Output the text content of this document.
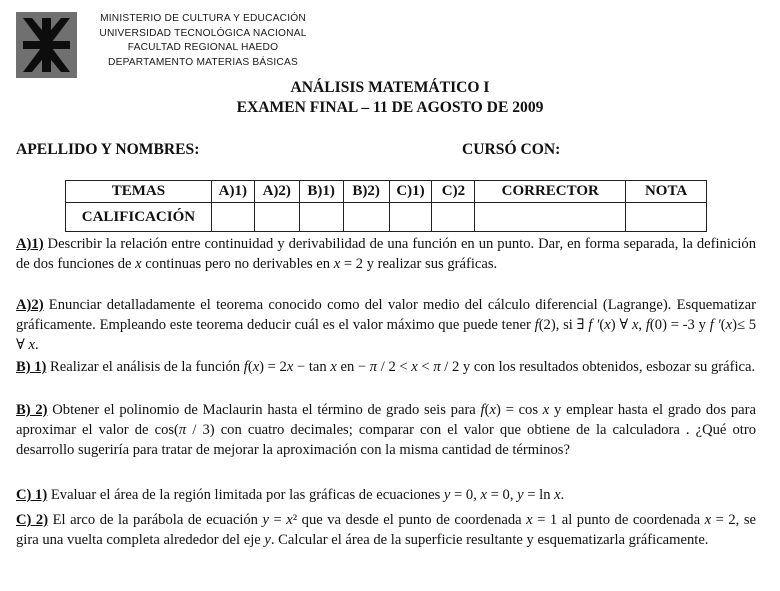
MINISTERIO DE CULTURA Y EDUCACIÓN
UNIVERSIDAD TECNOLÓGICA NACIONAL
FACULTAD REGIONAL HAEDO
DEPARTAMENTO MATERIAS BÁSICAS
ANÁLISIS MATEMÁTICO I
EXAMEN FINAL – 11 DE AGOSTO DE 2009
APELLIDO Y NOMBRES:	CURSÓ CON:
TEMAS	A)1)	A)2)	B)1)	B)2)	C)1)	C)2	CORRECTOR	NOTA
CALIFICACIÓN								
A)1) Describir la relación entre continuidad y derivabilidad de una función en un punto. Dar, en forma separada, la definición de dos funciones de x continuas pero no derivables en x = 2 y realizar sus gráficas.
A)2) Enunciar detalladamente el teorema conocido como del valor medio del cálculo diferencial (Lagrange). Esquematizar gráficamente. Empleando este teorema deducir cuál es el valor máximo que puede tener f(2), si ∃ f ′(x) ∀ x, f(0) = -3 y f ′(x)≤ 5 ∀ x.
B) 1) Realizar el análisis de la función f(x) = 2x − tan x en − π / 2 < x < π / 2 y con los resultados obtenidos, esbozar su gráfica.
B) 2) Obtener el polinomio de Maclaurin hasta el término de grado seis para f(x) = cos x y emplear hasta el grado dos para aproximar el valor de cos(π / 3) con cuatro decimales; comparar con el valor que obtiene de la calculadora . ¿Qué otro desarrollo sugeriría para tratar de mejorar la aproximación con la misma cantidad de términos?
C) 1) Evaluar el área de la región limitada por las gráficas de ecuaciones y = 0, x = 0, y = ln x.
C) 2) El arco de la parábola de ecuación y = x² que va desde el punto de coordenada x = 1 al punto de coordenada x = 2, se gira una vuelta completa alrededor del eje y. Calcular el área de la superficie resultante y esquematizarla gráficamente.
